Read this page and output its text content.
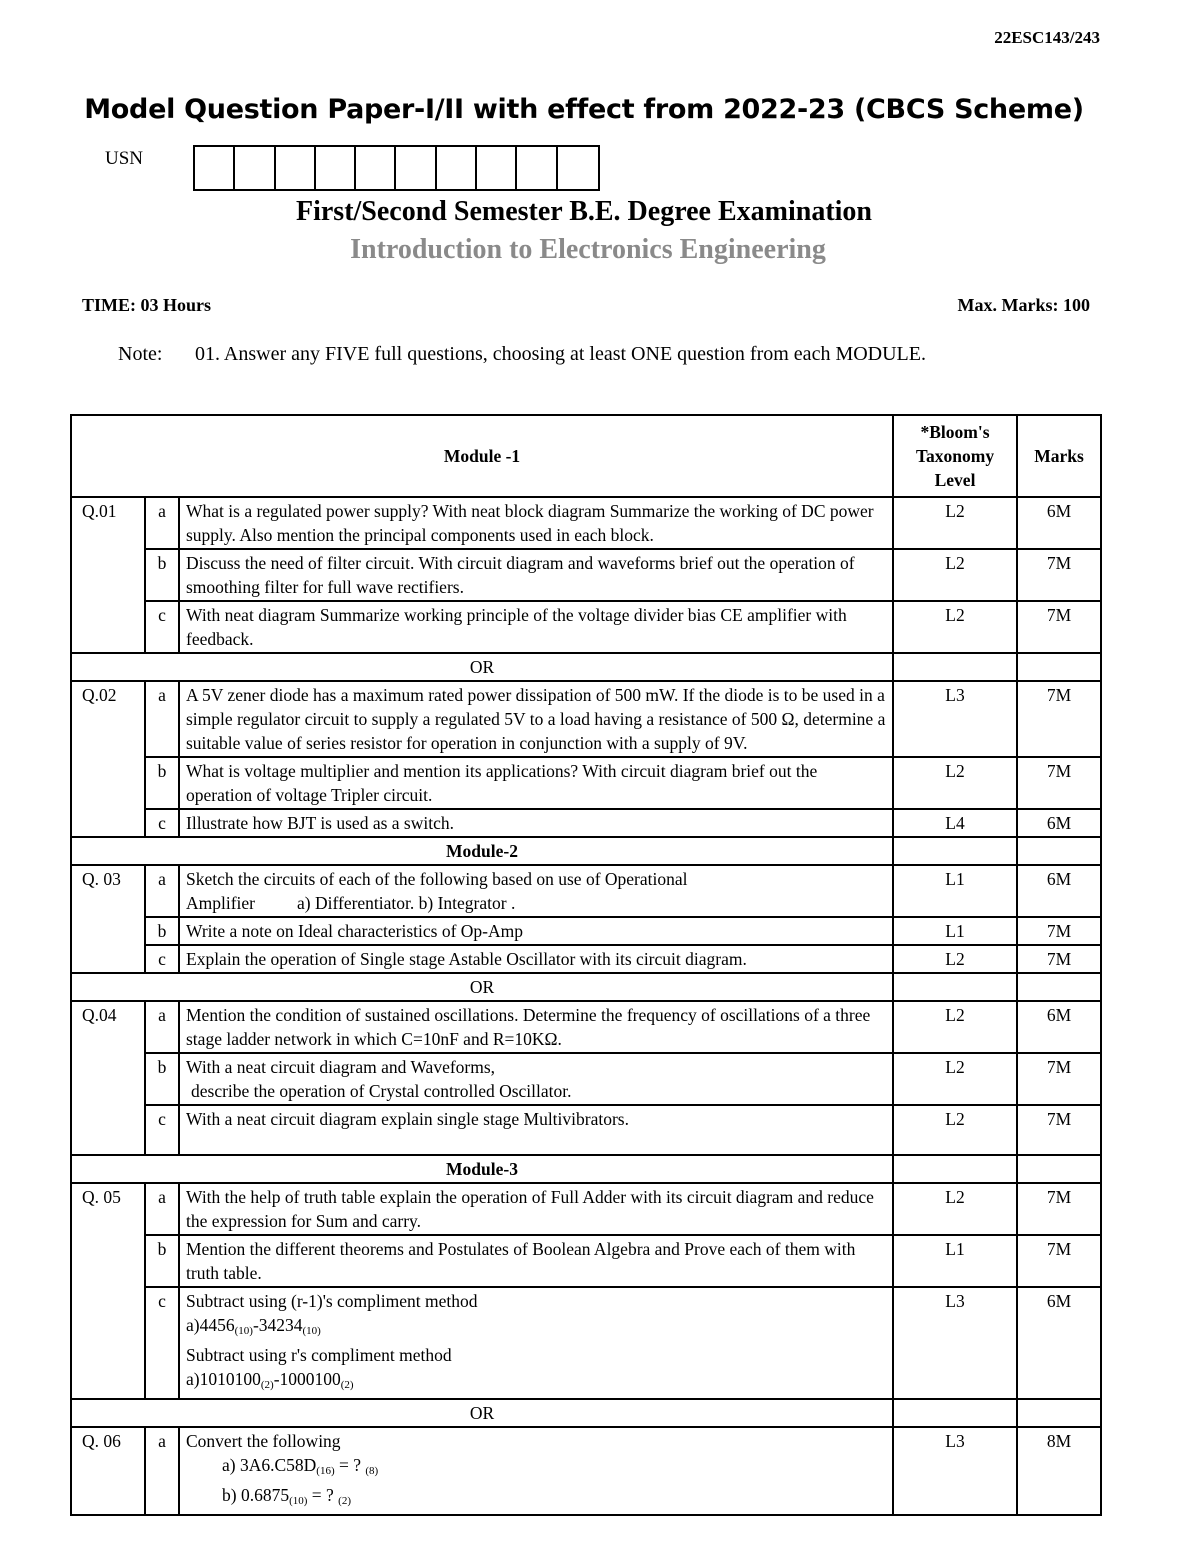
22ESC143/243
Model Question Paper-I/II with effect from 2022-23 (CBCS Scheme)
USN
First/Second Semester B.E. Degree Examination
Introduction to Electronics Engineering
TIME: 03 Hours	Max. Marks: 100
Note: 01. Answer any FIVE full questions, choosing at least ONE question from each MODULE.
Module -1			*Bloom's Taxonomy Level	Marks
Q.01	a	What is a regulated power supply? With neat block diagram Summarize the working of DC power supply. Also mention the principal components used in each block.	L2	6M
	b	Discuss the need of filter circuit. With circuit diagram and waveforms brief out the operation of smoothing filter for full wave rectifiers.	L2	7M
	c	With neat diagram Summarize working principle of the voltage divider bias CE amplifier with feedback.	L2	7M
OR				
Q.02	a	A 5V zener diode has a maximum rated power dissipation of 500 mW. If the diode is to be used in a simple regulator circuit to supply a regulated 5V to a load having a resistance of 500 Ω, determine a suitable value of series resistor for operation in conjunction with a supply of 9V.	L3	7M
	b	What is voltage multiplier and mention its applications? With circuit diagram brief out the operation of voltage Tripler circuit.	L2	7M
	c	Illustrate how BJT is used as a switch.	L4	6M
Module-2				
Q. 03	a	Sketch the circuits of each of the following based on use of Operational
Amplifier a) Differentiator. b) Integrator .	L1	6M
	b	Write a note on Ideal characteristics of Op-Amp	L1	7M
	c	Explain the operation of Single stage Astable Oscillator with its circuit diagram.	L2	7M
OR				
Q.04	a	Mention the condition of sustained oscillations. Determine the frequency of oscillations of a three stage ladder network in which C=10nF and R=10KΩ.	L2	6M
	b	With a neat circuit diagram and Waveforms,
describe the operation of Crystal controlled Oscillator.	L2	7M
	c	With a neat circuit diagram explain single stage Multivibrators.	L2	7M
Module-3				
Q. 05	a	With the help of truth table explain the operation of Full Adder with its circuit diagram and reduce the expression for Sum and carry.	L2	7M
	b	Mention the different theorems and Postulates of Boolean Algebra and Prove each of them with truth table.	L1	7M
	c	Subtract using (r-1)'s compliment method
$a)4456_{(10)}-34234_{(10)}$
Subtract using r's compliment method
$a)1010100_{(2)}-1000100_{(2)}$	L3	6M
OR				
Q. 06	a	Convert the following
a) $3A6.C58D_{(16)}$ = ? $_{(8)}$
b) $0.6875_{(10)}$ = ? $_{(2)}$	L3	8M
